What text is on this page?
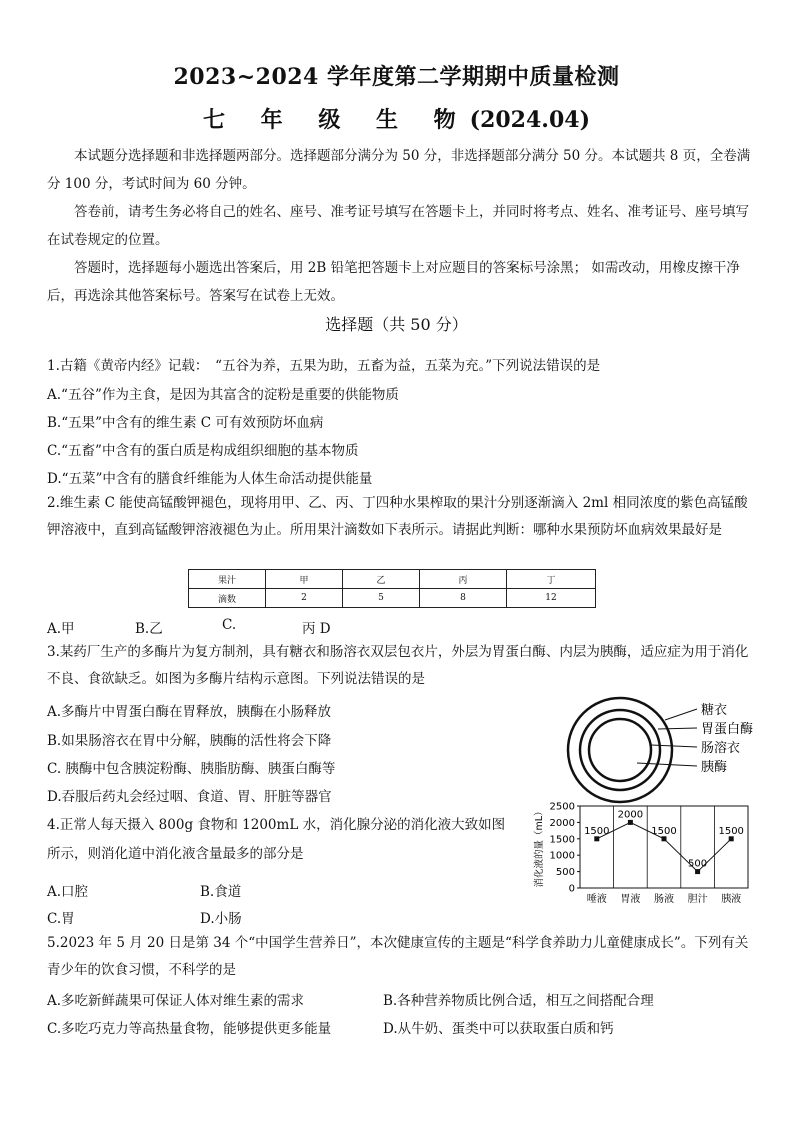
2023~2024 学年度第二学期期中质量检测
七 年 级 生 物(2024.04)
本试题分选择题和非选择题两部分。选择题部分满分为 50 分，非选择题部分满分 50 分。本试题共 8 页，全卷满分 100 分，考试时间为 60 分钟。
答卷前，请考生务必将自己的姓名、座号、准考证号填写在答题卡上，并同时将考点、姓名、准考证号、座号填写在试卷规定的位置。
答题时，选择题每小题选出答案后，用 2B 铅笔把答题卡上对应题目的答案标号涂黑； 如需改动，用橡皮擦干净后，再选涂其他答案标号。答案写在试卷上无效。
选择题（共 50 分）
1.古籍《黄帝内经》记载：　“五谷为养，五果为助，五畜为益，五菜为充。”下列说法错误的是
A.“五谷”作为主食，是因为其富含的淀粉是重要的供能物质
B.“五果”中含有的维生素 C 可有效预防坏血病
C.“五畜”中含有的蛋白质是构成组织细胞的基本物质
D.“五菜”中含有的膳食纤维能为人体生命活动提供能量
2.维生素 C 能使高锰酸钾褪色，现将用甲、乙、丙、丁四种水果榨取的果汁分别逐渐滴入 2ml 相同浓度的紫色高锰酸钾溶液中，直到高锰酸钾溶液褪色为止。所用果汁滴数如下表所示。请据此判断：哪种水果预防坏血病效果最好是
果汁	甲	乙	丙	丁
滴数	2	5	8	12
A.甲	B.乙	C.	丙 D
3.某药厂生产的多酶片为复方制剂，具有糖衣和肠溶衣双层包衣片，外层为胃蛋白酶、内层为胰酶，适应症为用于消化不良、食欲缺乏。如图为多酶片结构示意图。下列说法错误的是
A.多酶片中胃蛋白酶在胃释放，胰酶在小肠释放
B.如果肠溶衣在胃中分解，胰酶的活性将会下降
C. 胰酶中包含胰淀粉酶、胰脂肪酶、胰蛋白酶等
D.吞服后药丸会经过咽、食道、胃、肝脏等器官
糖衣
胃蛋白酶
肠溶衣
胰酶
4.正常人每天摄入 800g 食物和 1200mL 水，消化腺分泌的消化液大致如图
所示，则消化道中消化液含量最多的部分是
A.口腔	B.食道
C.胃	D.小肠
0
500
1000
1500
2000
2500
消化液的量（mL）
唾液 胃液 肠液 胆汁 胰液
1500
2000
1500
500
1500
5.2023 年 5 月 20 日是第 34 个“中国学生营养日”，本次健康宣传的主题是“科学食养助力儿童健康成长”。下列有关青少年的饮食习惯，不科学的是
A.多吃新鲜蔬果可保证人体对维生素的需求	B.各种营养物质比例合适，相互之间搭配合理
C.多吃巧克力等高热量食物，能够提供更多能量	D.从牛奶、蛋类中可以获取蛋白质和钙
